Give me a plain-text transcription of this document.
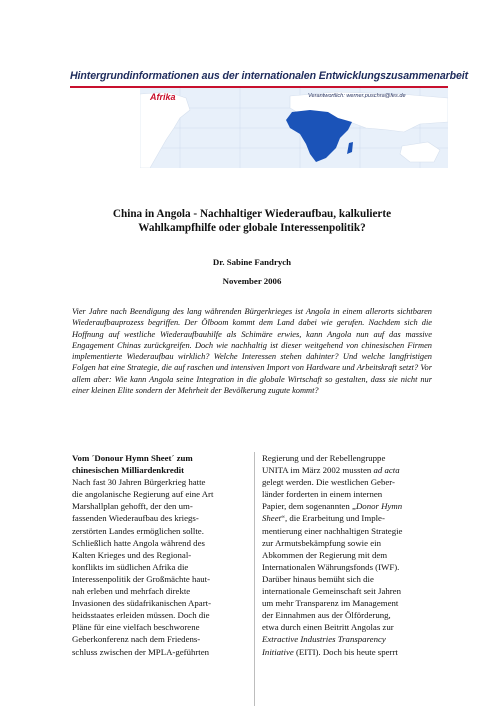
Hintergrundinformationen aus der internationalen Entwicklungszusammenarbeit
Afrika	Verantwortlich: werner.puschra@fes.de
China in Angola - Nachhaltiger Wiederaufbau, kalkulierte
Wahlkampfhilfe oder globale Interessenpolitik?
Dr. Sabine Fandrych
November 2006
Vier Jahre nach Beendigung des lang währenden Bürgerkrieges ist Angola in einem allerorts sichtbaren Wiederaufbauprozess begriffen. Der Ölboom kommt dem Land dabei wie gerufen. Nachdem sich die Hoffnung auf westliche Wiederaufbauhilfe als Schimäre erwies, kann Angola nun auf das massive Engagement Chinas zurückgreifen. Doch wie nachhaltig ist dieser weitgehend von chinesischen Firmen implementierte Wiederaufbau wirklich? Welche Interessen stehen dahinter? Und welche langfristigen Folgen hat eine Strategie, die auf raschen und intensiven Import von Hardware und Arbeitskraft setzt? Vor allem aber: Wie kann Angola seine Integration in die globale Wirtschaft so gestalten, dass sie nicht nur einer kleinen Elite sondern der Mehrheit der Bevölkerung zugute kommt?
Vom ´Donour Hymn Sheet´ zum
chinesischen Milliardenkredit

Nach fast 30 Jahren Bürgerkrieg hatte
die angolanische Regierung auf eine Art
Marshallplan gehofft, der den um-
fassenden Wiederaufbau des kriegs-
zerstörten Landes ermöglichen sollte.
Schließlich hatte Angola während des
Kalten Krieges und des Regional-
konflikts im südlichen Afrika die
Interessenpolitik der Großmächte haut-
nah erleben und mehrfach direkte
Invasionen des südafrikanischen Apart-
heidsstaates erleiden müssen. Doch die
Pläne für eine vielfach beschworene
Geberkonferenz nach dem Friedens-
schluss zwischen der MPLA-geführten

Regierung und der Rebellengruppe
UNITA im März 2002 mussten ad acta
gelegt werden. Die westlichen Geber-
länder forderten in einem internen
Papier, dem sogenannten „Donor Hymn
Sheet“, die Erarbeitung und Imple-
mentierung einer nachhaltigen Strategie
zur Armutsbekämpfung sowie ein
Abkommen der Regierung mit dem
Internationalen Währungsfonds (IWF).
Darüber hinaus bemüht sich die
internationale Gemeinschaft seit Jahren
um mehr Transparenz im Management
der Einnahmen aus der Ölförderung,
etwa durch einen Beitritt Angolas zur
Extractive Industries Transparency
Initiative (EITI). Doch bis heute sperrt
